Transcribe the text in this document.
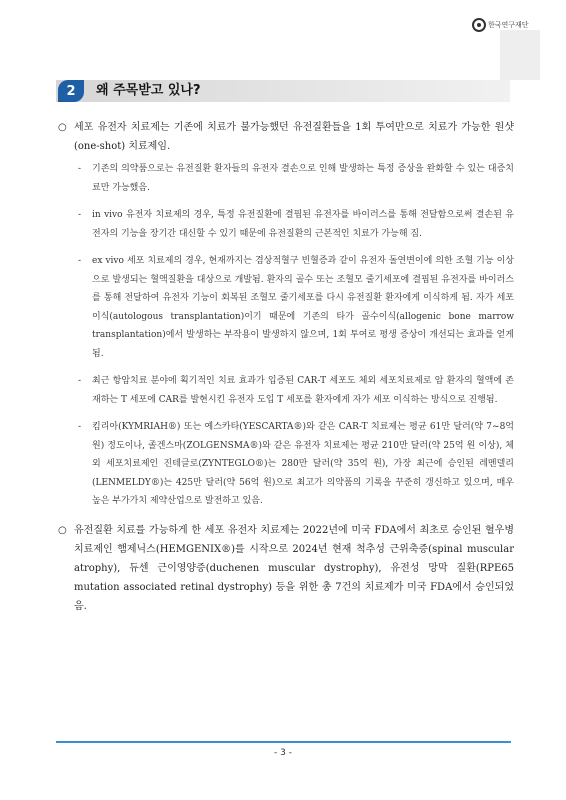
한국연구재단
2	왜 주목받고 있나?
○ 세포 유전자 치료제는 기존에 치료가 불가능했던 유전질환들을 1회 투여만으로 치료가 가능한 원샷(one-shot) 치료제임.
- 기존의 의약품으로는 유전질환 환자들의 유전자 결손으로 인해 발생하는 특정 증상을 완화할 수 있는 대증치료만 가능했음.
- in vivo 유전자 치료제의 경우, 특정 유전질환에 결핍된 유전자를 바이러스를 통해 전달함으로써 결손된 유전자의 기능을 장기간 대신할 수 있기 때문에 유전질환의 근본적인 치료가 가능해 짐.
- ex vivo 세포 치료제의 경우, 현재까지는 겸상적혈구 빈혈증과 같이 유전자 돌연변이에 의한 조혈 기능 이상으로 발생되는 혈액질환을 대상으로 개발됨. 환자의 골수 또는 조혈모 줄기세포에 결핍된 유전자를 바이러스를 통해 전달하여 유전자 기능이 회복된 조혈모 줄기세포를 다시 유전질환 환자에게 이식하게 됨. 자가 세포 이식(autologous transplantation)이기 때문에 기존의 타가 골수이식(allogenic bone marrow transplantation)에서 발생하는 부작용이 발생하지 않으며, 1회 투여로 평생 증상이 개선되는 효과를 얻게 됨.
- 최근 항암치료 분야에 획기적인 치료 효과가 입증된 CAR-T 세포도 체외 세포치료제로 암 환자의 혈액에 존재하는 T 세포에 CAR를 발현시킨 유전자 도입 T 세포를 환자에게 자가 세포 이식하는 방식으로 진행됨.
- 킴리아(KYMRIAH®) 또는 예스카타(YESCARTA®)와 같은 CAR-T 치료제는 평균 61만 달러(약 7~8억 원) 정도이나, 졸겐스마(ZOLGENSMA®)와 같은 유전자 치료제는 평균 210만 달러(약 25억 원 이상), 체외 세포치료제인 진테글로(ZYNTEGLO®)는 280만 달러(약 35억 원), 가장 최근에 승인된 레멘델리(LENMELDY®)는 425만 달러(약 56억 원)으로 최고가 의약품의 기록을 꾸준히 갱신하고 있으며, 매우 높은 부가가치 제약산업으로 발전하고 있음.
○ 유전질환 치료를 가능하게 한 세포 유전자 치료제는 2022년에 미국 FDA에서 최초로 승인된 혈우병 치료제인 햄제닉스(HEMGENIX®)를 시작으로 2024년 현재 척추성 근위축증(spinal muscular atrophy), 듀센 근이영양증(duchenen muscular dystrophy), 유전성 망막 질환(RPE65 mutation associated retinal dystrophy) 등을 위한 총 7건의 치료제가 미국 FDA에서 승인되었음.
- 3 -
